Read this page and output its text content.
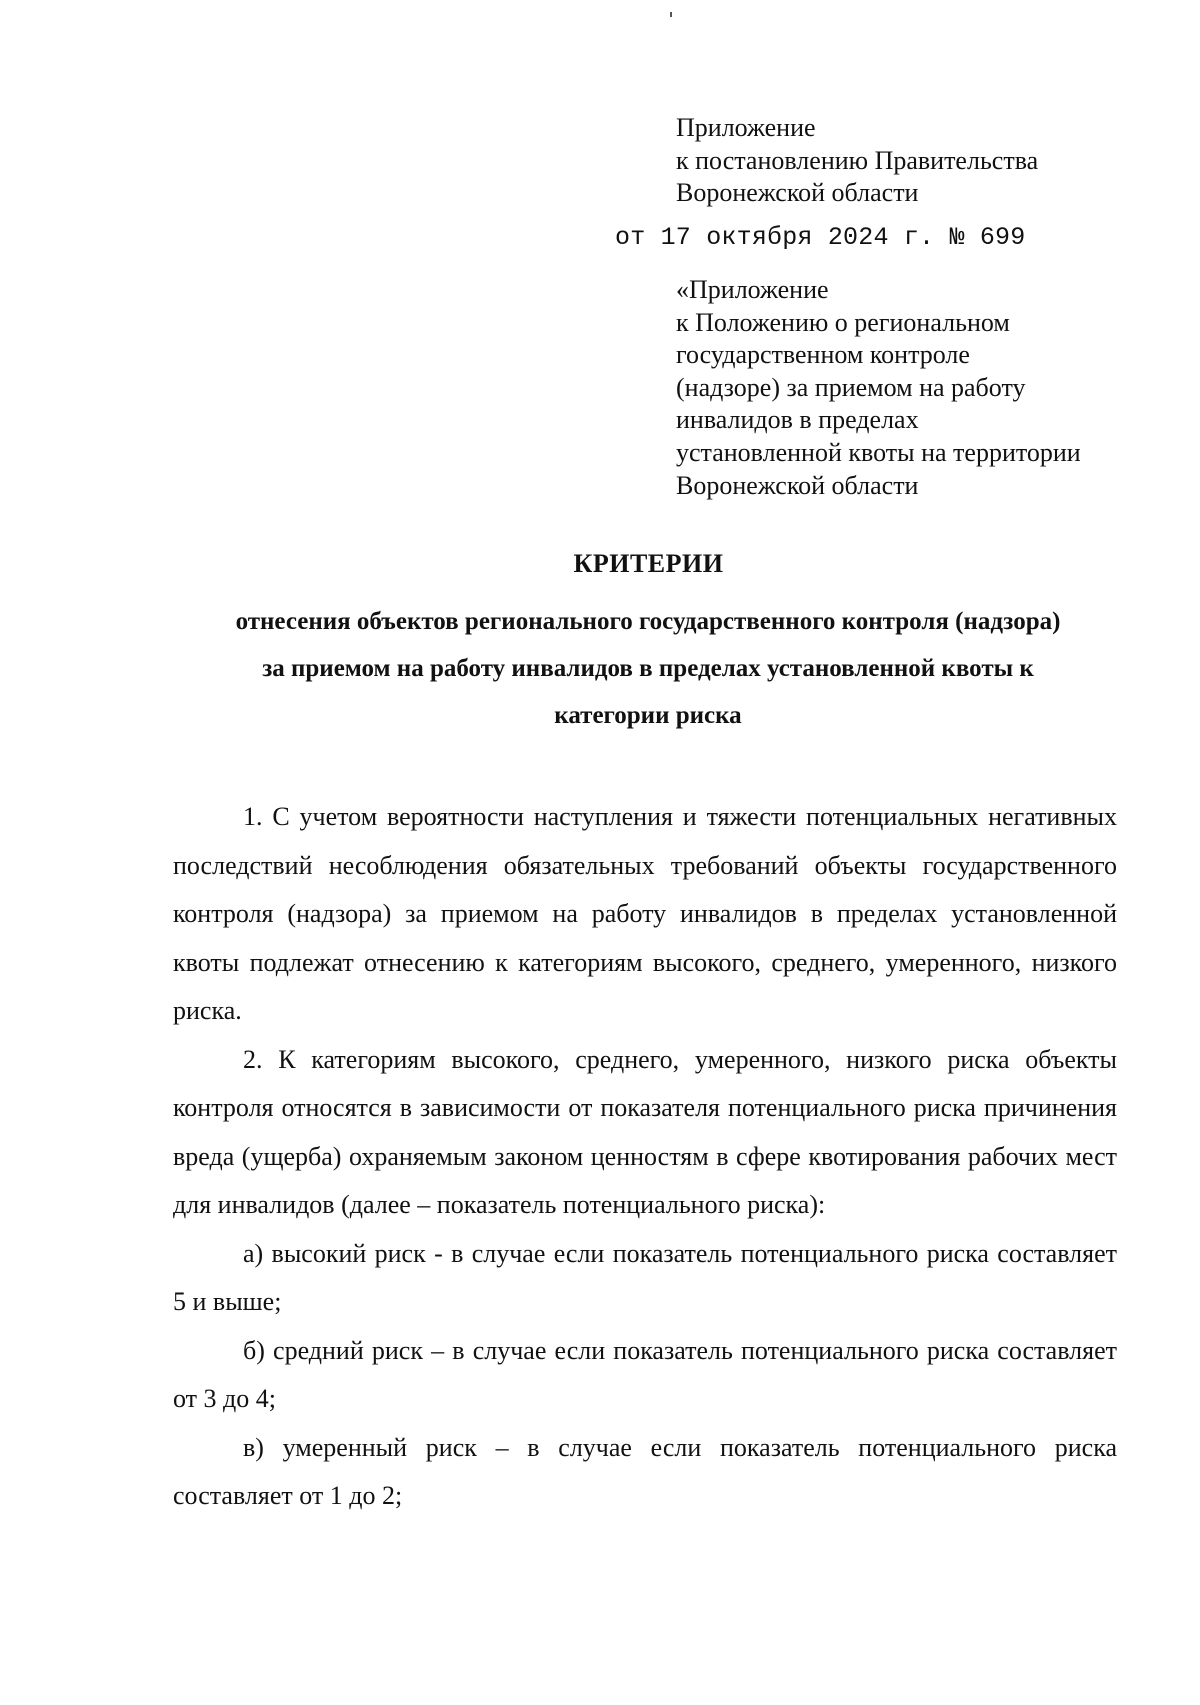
Приложение
к постановлению Правительства
Воронежской области
от 17 октября 2024 г. № 699
«Приложение
к Положению о региональном
государственном контроле
(надзоре) за приемом на работу
инвалидов в пределах
установленной квоты на территории
Воронежской области
КРИТЕРИИ
отнесения объектов регионального государственного контроля (надзора)
за приемом на работу инвалидов в пределах установленной квоты к
категории риска

1. С учетом вероятности наступления и тяжести потенциальных негативных последствий несоблюдения обязательных требований объекты государственного контроля (надзора) за приемом на работу инвалидов в пределах установленной квоты подлежат отнесению к категориям высокого, среднего, умеренного, низкого риска.

2. К категориям высокого, среднего, умеренного, низкого риска объекты контроля относятся в зависимости от показателя потенциального риска причинения вреда (ущерба) охраняемым законом ценностям в сфере квотирования рабочих мест для инвалидов (далее – показатель потенциального риска):

а) высокий риск - в случае если показатель потенциального риска составляет 5 и выше;

б) средний риск – в случае если показатель потенциального риска составляет от 3 до 4;

в) умеренный риск – в случае если показатель потенциального риска составляет от 1 до 2;
